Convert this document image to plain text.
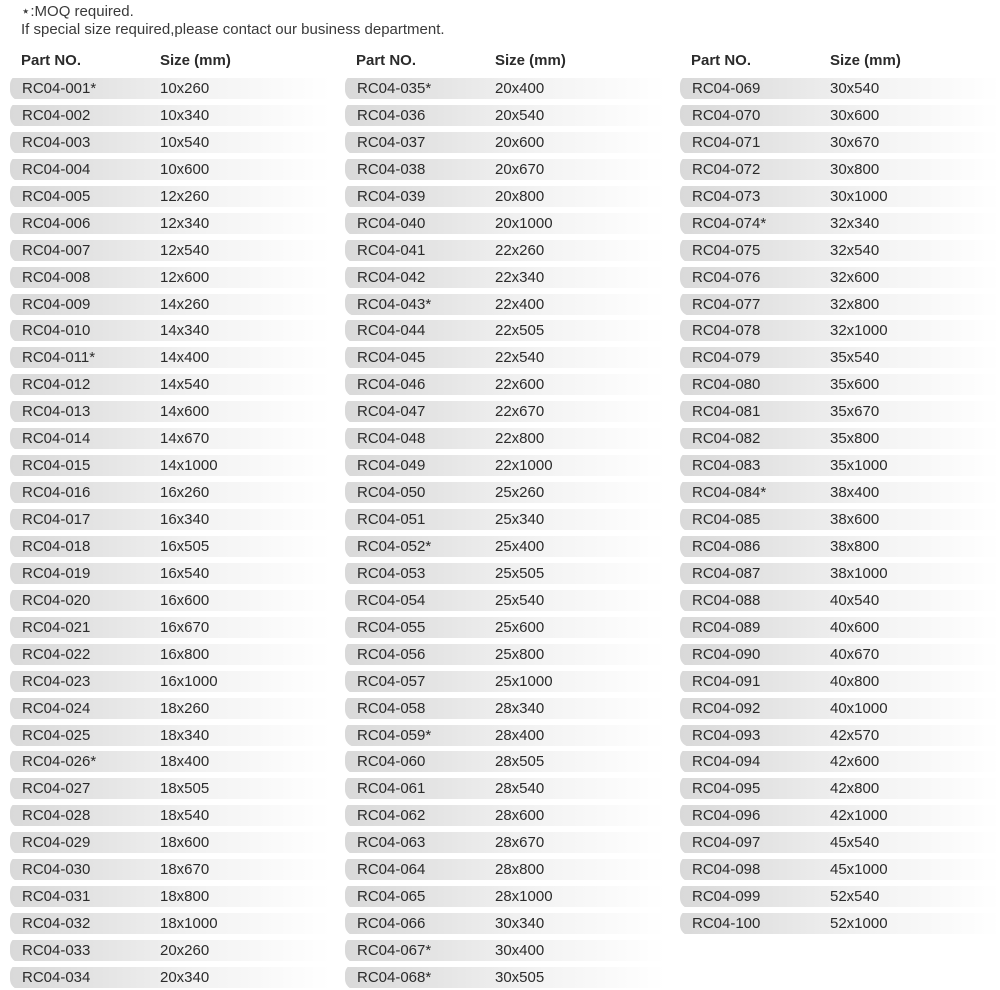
⋆:MOQ required.
If special size required,please contact our business department.
Part NO.	Size (mm)
RC04-001*	10x260
RC04-002	10x340
RC04-003	10x540
RC04-004	10x600
RC04-005	12x260
RC04-006	12x340
RC04-007	12x540
RC04-008	12x600
RC04-009	14x260
RC04-010	14x340
RC04-011*	14x400
RC04-012	14x540
RC04-013	14x600
RC04-014	14x670
RC04-015	14x1000
RC04-016	16x260
RC04-017	16x340
RC04-018	16x505
RC04-019	16x540
RC04-020	16x600
RC04-021	16x670
RC04-022	16x800
RC04-023	16x1000
RC04-024	18x260
RC04-025	18x340
RC04-026*	18x400
RC04-027	18x505
RC04-028	18x540
RC04-029	18x600
RC04-030	18x670
RC04-031	18x800
RC04-032	18x1000
RC04-033	20x260
RC04-034	20x340
Part NO.	Size (mm)
RC04-035*	20x400
RC04-036	20x540
RC04-037	20x600
RC04-038	20x670
RC04-039	20x800
RC04-040	20x1000
RC04-041	22x260
RC04-042	22x340
RC04-043*	22x400
RC04-044	22x505
RC04-045	22x540
RC04-046	22x600
RC04-047	22x670
RC04-048	22x800
RC04-049	22x1000
RC04-050	25x260
RC04-051	25x340
RC04-052*	25x400
RC04-053	25x505
RC04-054	25x540
RC04-055	25x600
RC04-056	25x800
RC04-057	25x1000
RC04-058	28x340
RC04-059*	28x400
RC04-060	28x505
RC04-061	28x540
RC04-062	28x600
RC04-063	28x670
RC04-064	28x800
RC04-065	28x1000
RC04-066	30x340
RC04-067*	30x400
RC04-068*	30x505
Part NO.	Size (mm)
RC04-069	30x540
RC04-070	30x600
RC04-071	30x670
RC04-072	30x800
RC04-073	30x1000
RC04-074*	32x340
RC04-075	32x540
RC04-076	32x600
RC04-077	32x800
RC04-078	32x1000
RC04-079	35x540
RC04-080	35x600
RC04-081	35x670
RC04-082	35x800
RC04-083	35x1000
RC04-084*	38x400
RC04-085	38x600
RC04-086	38x800
RC04-087	38x1000
RC04-088	40x540
RC04-089	40x600
RC04-090	40x670
RC04-091	40x800
RC04-092	40x1000
RC04-093	42x570
RC04-094	42x600
RC04-095	42x800
RC04-096	42x1000
RC04-097	45x540
RC04-098	45x1000
RC04-099	52x540
RC04-100	52x1000
